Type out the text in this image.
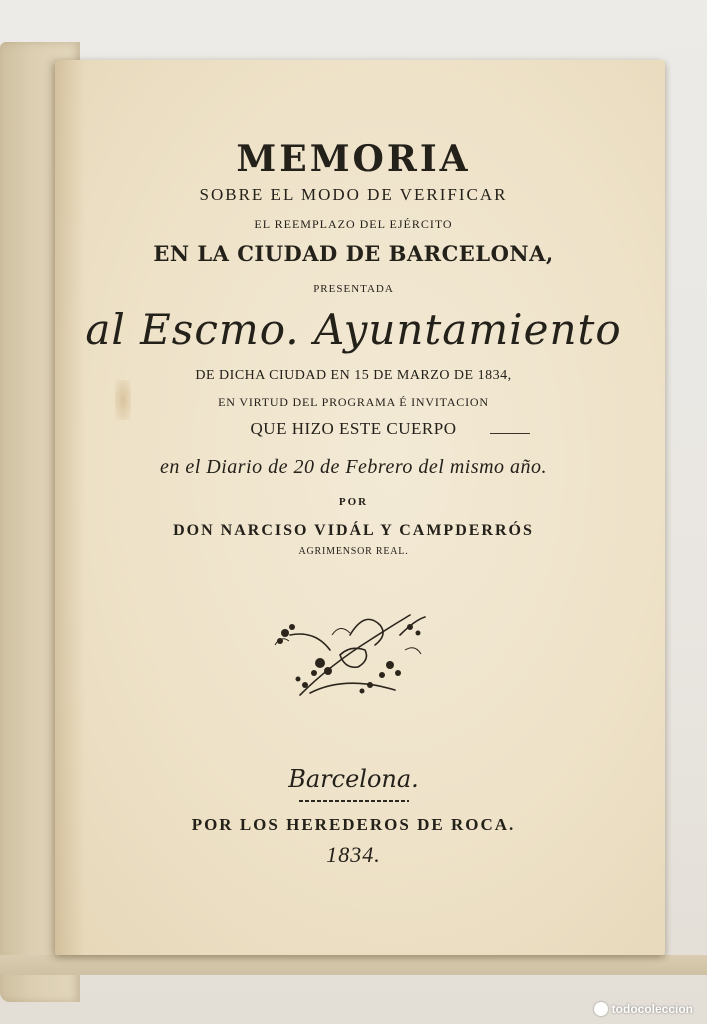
MEMORIA
SOBRE EL MODO DE VERIFICAR
EL REEMPLAZO DEL EJÉRCITO
EN LA CIUDAD DE BARCELONA,
PRESENTADA
al Escmo. Ayuntamiento
DE DICHA CIUDAD EN 15 DE MARZO DE 1834,
EN VIRTUD DEL PROGRAMA É INVITACION
QUE HIZO ESTE CUERPO
en el Diario de 20 de Febrero del mismo año.
POR
DON NARCISO VIDÁL Y CAMPDERRÓS
AGRIMENSOR REAL.
Barcelona.
POR LOS HEREDEROS DE ROCA.
1834.
todocoleccion
